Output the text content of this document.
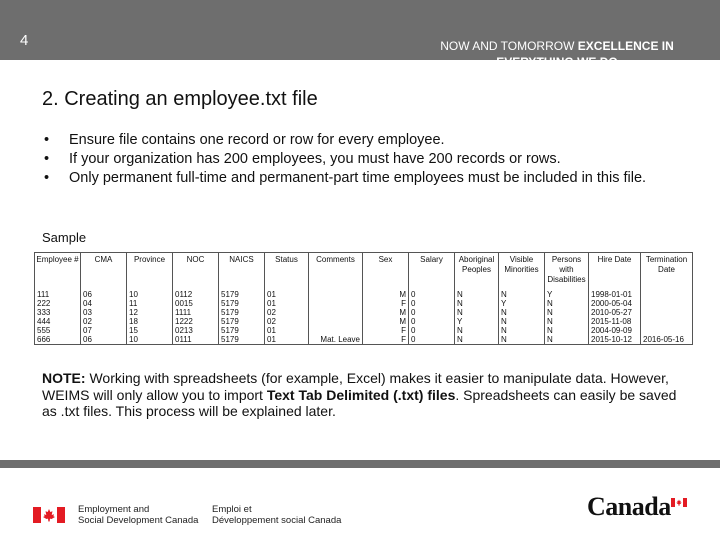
4	NOW AND TOMORROW EXCELLENCE IN EVERYTHING WE DO
2. Creating an employee.txt file
• Ensure file contains one record or row for every employee.
• If your organization has 200 employees, you must have 200 records or rows.
• Only permanent full-time and permanent-part time employees must be included in this file.
Sample
Employee #	CMA	Province	NOC	NAICS	Status	Comments	Sex	Salary	Aboriginal Peoples	Visible Minorities	Persons with Disabilities	Hire Date	Termination Date
111	06	10	0112	5179	01		M	0	N	N	Y	1998-01-01	
222	04	11	0015	5179	01		F	0	N	Y	N	2000-05-04	
333	03	12	1111	5179	02		M	0	N	N	N	2010-05-27	
444	02	18	1222	5179	02		M	0	Y	N	N	2015-11-08	
555	07	15	0213	5179	01		F	0	N	N	N	2004-09-09	
666	06	10	0111	5179	01	Mat. Leave	F	0	N	N	N	2015-10-12	2016-05-16
NOTE: Working with spreadsheets (for example, Excel) makes it easier to manipulate data. However, WEIMS will only allow you to import Text Tab Delimited (.txt) files. Spreadsheets can easily be saved as .txt files. This process will be explained later.
Employment and
Social Development Canada
Emploi et
Développement social Canada	Canada
